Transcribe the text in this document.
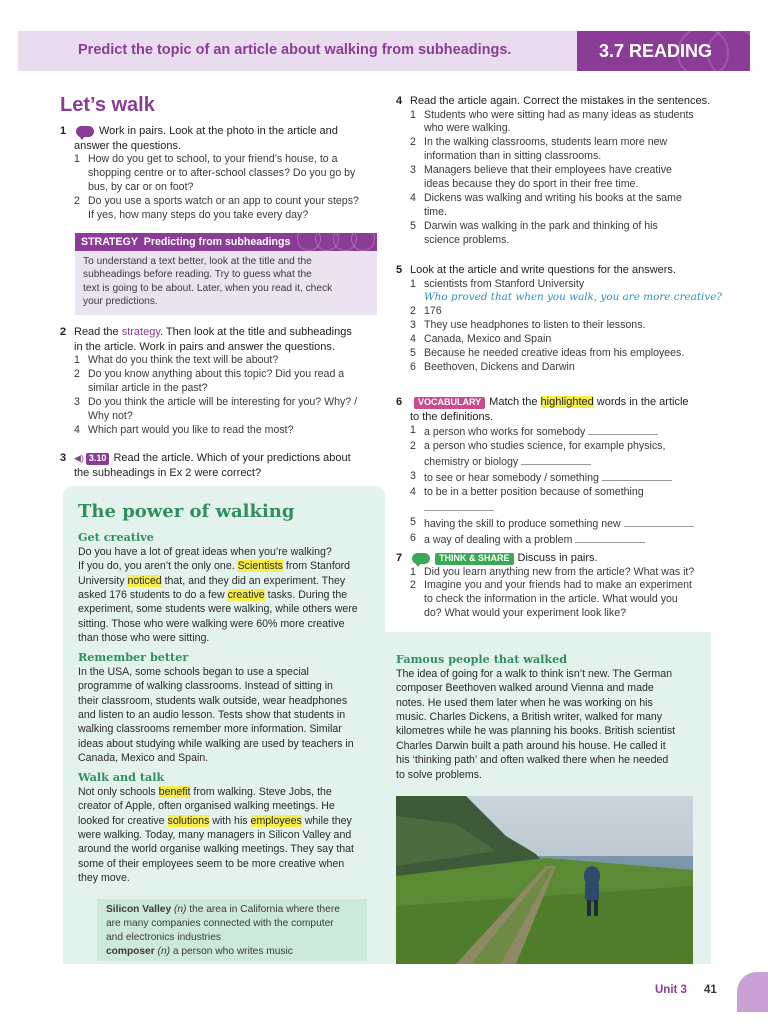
Predict the topic of an article about walking from subheadings.	3.7 READING
Let’s walk
1	Work in pairs. Look at the photo in the article and
answer the questions.
1 How do you get to school, to your friend’s house, to a
shopping centre or to after-school classes? Do you go by
bus, by car or on foot?
2 Do you use a sports watch or an app to count your steps?
If yes, how many steps do you take every day?
STRATEGY Predicting from subheadings
To understand a text better, look at the title and the
subheadings before reading. Try to guess what the
text is going to be about. Later, when you read it, check
your predictions.
2 Read the strategy. Then look at the title and subheadings
in the article. Work in pairs and answer the questions.
1 What do you think the text will be about?
2 Do you know anything about this topic? Did you read a
similar article in the past?
3 Do you think the article will be interesting for you? Why? /
Why not?
4 Which part would you like to read the most?
3 ◀) 3.10 Read the article. Which of your predictions about
the subheadings in Ex 2 were correct?
4 Read the article again. Correct the mistakes in the sentences.
1 Students who were sitting had as many ideas as students
who were walking.
2 In the walking classrooms, students learn more new
information than in sitting classrooms.
3 Managers believe that their employees have creative
ideas because they do sport in their free time.
4 Dickens was walking and writing his books at the same
time.
5 Darwin was walking in the park and thinking of his
science problems.
5 Look at the article and write questions for the answers.
1 scientists from Stanford University
Who proved that when you walk, you are more creative?
2 176
3 They use headphones to listen to their lessons.
4 Canada, Mexico and Spain
5 Because he needed creative ideas from his employees.
6 Beethoven, Dickens and Darwin
6 VOCABULARY Match the highlighted words in the article
to the definitions.
1 a person who works for somebody
2 a person who studies science, for example physics,
chemistry or biology
3 to see or hear somebody / something
4 to be in a better position because of something
5 having the skill to produce something new
6 a way of dealing with a problem
7	THINK & SHARE Discuss in pairs.
1 Did you learn anything new from the article? What was it?
2 Imagine you and your friends had to make an experiment
to check the information in the article. What would you
do? What would your experiment look like?
The power of walking
Get creative
Do you have a lot of great ideas when you’re walking?
If you do, you aren’t the only one. Scientists from Stanford
University noticed that, and they did an experiment. They
asked 176 students to do a few creative tasks. During the
experiment, some students were walking, while others were
sitting. Those who were walking were 60% more creative
than those who were sitting.
Remember better
In the USA, some schools began to use a special
programme of walking classrooms. Instead of sitting in
their classroom, students walk outside, wear headphones
and listen to an audio lesson. Tests show that students in
walking classrooms remember more information. Similar
ideas about studying while walking are used by teachers in
Canada, Mexico and Spain.
Walk and talk
Not only schools benefit from walking. Steve Jobs, the
creator of Apple, often organised walking meetings. He
looked for creative solutions with his employees while they
were walking. Today, many managers in Silicon Valley and
around the world organise walking meetings. They say that
some of their employees seem to be more creative when
they move.
Famous people that walked
The idea of going for a walk to think isn’t new. The German
composer Beethoven walked around Vienna and made
notes. He used them later when he was working on his
music. Charles Dickens, a British writer, walked for many
kilometres while he was planning his books. British scientist
Charles Darwin built a path around his house. He called it
his ‘thinking path’ and often walked there when he needed
to solve problems.
Silicon Valley (n) the area in California where there
are many companies connected with the computer
and electronics industries
composer (n) a person who writes music
Unit 3 41
